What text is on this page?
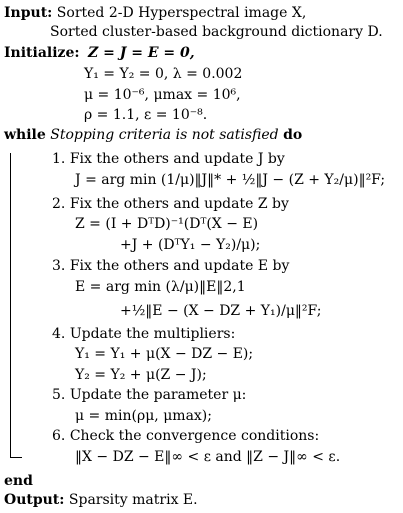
Input: Sorted 2-D Hyperspectral image X,
Sorted cluster-based background dictionary D.
Initialize: Z = J = E = 0,
Y₁ = Y₂ = 0, λ = 0.002
μ = 10⁻⁶, μmax = 10⁶,
ρ = 1.1, ε = 10⁻⁸.
while Stopping criteria is not satisfied do
1. Fix the others and update J by
J = arg min (1/μ)‖J‖* + ½‖J − (Z + Y₂/μ)‖²F;
2. Fix the others and update Z by
Z = (I + DᵀD)⁻¹(Dᵀ(X − E)
+J + (DᵀY₁ − Y₂)/μ);
3. Fix the others and update E by
E = arg min (λ/μ)‖E‖2,1
+½‖E − (X − DZ + Y₁)/μ‖²F;
4. Update the multipliers:
Y₁ = Y₁ + μ(X − DZ − E);
Y₂ = Y₂ + μ(Z − J);
5. Update the parameter μ:
μ = min(ρμ, μmax);
6. Check the convergence conditions:
‖X − DZ − E‖∞ < ε and ‖Z − J‖∞ < ε.
end
Output: Sparsity matrix E.
